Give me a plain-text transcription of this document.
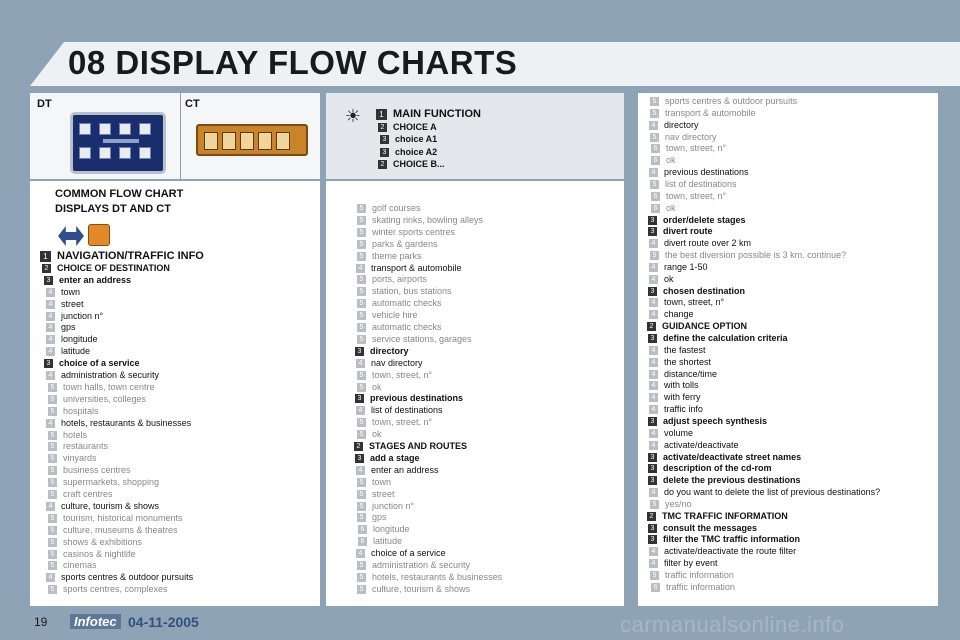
08 DISPLAY FLOW CHARTS
DT	CT
☀	1 MAIN FUNCTION
2 CHOICE A
3 choice A1
3 choice A2
2 CHOICE B...
COMMON FLOW CHART
DISPLAYS DT AND CT
1 NAVIGATION/TRAFFIC INFO
2 CHOICE OF DESTINATION
3 enter an address
4 town
4 street
4 junction n°
4 gps
4 longitude
4 latitude
3 choice of a service
4 administration & security
5 town halls, town centre
5 universities, colleges
5 hospitals
4 hotels, restaurants & businesses
5 hotels
5 restaurants
5 vinyards
5 business centres
5 supermarkets, shopping
5 craft centres
4 culture, tourism & shows
5 tourism, historical monuments
5 culture, museums & theatres
5 shows & exhibitions
5 casinos & nightlife
5 cinemas
4 sports centres & outdoor pursuits
5 sports centres, complexes
5 golf courses
5 skating rinks, bowling alleys
5 winter sports centres
5 parks & gardens
5 theme parks
4 transport & automobile
5 ports, airports
5 station, bus stations
5 automatic checks
5 vehicle hire
5 automatic checks
5 service stations, garages
3 directory
4 nav directory
5 town, street, n°
5 ok
3 previous destinations
4 list of destinations
5 town, street, n°
5 ok
2 STAGES AND ROUTES
3 add a stage
4 enter an address
5 town
5 street
5 junction n°
5 gps
6 longitude
6 latitude
4 choice of a service
5 administration & security
5 hotels, restaurants & businesses
5 culture, tourism & shows
5 sports centres & outdoor pursuits
5 transport & automobile
4 directory
5 nav directory
6 town, street, n°
6 ok
4 previous destinations
5 list of destinations
6 town, street, n°
6 ok
3 order/delete stages
3 divert route
4 divert route over 2 km
5 the best diversion possible is 3 km. continue?
4 range 1-50
4 ok
3 chosen destination
4 town, street, n°
4 change
2 GUIDANCE OPTION
3 define the calculation criteria
4 the fastest
4 the shortest
4 distance/time
4 with tolls
4 with ferry
4 traffic info
3 adjust speech synthesis
4 volume
4 activate/deactivate
3 activate/deactivate street names
3 description of the cd-rom
3 delete the previous destinations
4 do you want to delete the list of previous destinations?
5 yes/no
2 TMC TRAFFIC INFORMATION
3 consult the messages
3 filter the TMC traffic information
4 activate/deactivate the route filter
4 filter by event
5 traffic information
6 traffic information
19	Infotec 04-11-2005	carmanualsonline.info
